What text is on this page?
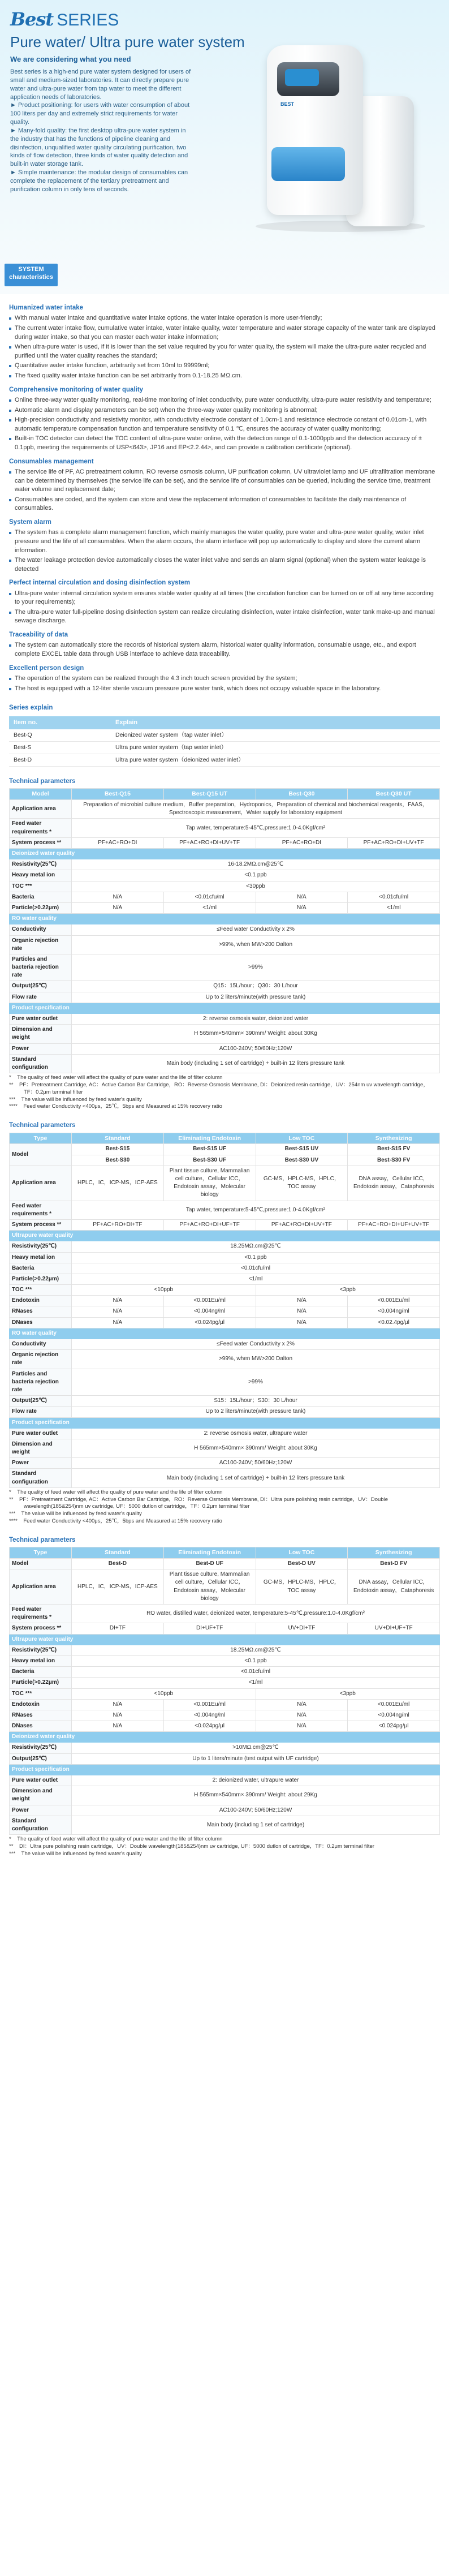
Best SERIES
Pure water/ Ultra pure water system
We are considering what you need

Best series is a high-end pure water system designed for users of small and medium-sized laboratories. It can directly prepare pure water and ultra-pure water from tap water to meet the different application needs of laboratories.

► Product positioning: for users with water consumption of about 100 liters per day and extremely strict requirements for water quality.

► Many-fold quality: the first desktop ultra-pure water system in the industry that has the functions of pipeline cleaning and disinfection, unqualified water quality circulating purification, two kinds of flow detection, three kinds of water quality detection and built-in water storage tank.

► Simple maintenance: the modular design of consumables can complete the replacement of the tertiary pretreatment and purification column in only tens of seconds.

BEST
SYSTEM characteristics
Humanized water intake
With manual water intake and quantitative water intake options, the water intake operation is more user-friendly;
The current water intake flow, cumulative water intake, water intake quality, water temperature and water storage capacity of the water tank are displayed during water intake, so that you can master each water intake information;
When ultra-pure water is used, if it is lower than the set value required by you for water quality, the system will make the ultra-pure water recycled and purified until the water quality reaches the standard;
Quantitative water intake function, arbitrarily set from 10ml to 99999ml;
The fixed quality water intake function can be set arbitrarily from 0.1-18.25 MΩ.cm.
Comprehensive monitoring of water quality
Online three-way water quality monitoring, real-time monitoring of inlet conductivity, pure water conductivity, ultra-pure water resistivity and temperature;
Automatic alarm and display parameters can be set) when the three-way water quality monitoring is abnormal;
High-precision conductivity and resistivity monitor, with conductivity electrode constant of 1.0cm-1 and resistance electrode constant of 0.01cm-1, with automatic temperature compensation function and temperature sensitivity of 0.1 ℃, ensures the accuracy of water quality monitoring;
Built-in TOC detector can detect the TOC content of ultra-pure water online, with the detection range of 0.1-1000ppb and the detection accuracy of ± 0.1ppb, meeting the requirements of USP<643>, JP16 and EP<2.2.44>, and can provide a calibration certificate (optional).
Consumables management
The service life of PF, AC pretreatment column, RO reverse osmosis column, UP purification column, UV ultraviolet lamp and UF ultrafiltration membrane can be determined by themselves (the service life can be set), and the service life of consumables can be queried, including the service time, treatment water volume and replacement date;
Consumables are coded, and the system can store and view the replacement information of consumables to facilitate the daily maintenance of consumables.
System alarm
The system has a complete alarm management function, which mainly manages the water quality, pure water and ultra-pure water quality, water inlet pressure and the life of all consumables. When the alarm occurs, the alarm interface will pop up automatically to display and store the current alarm information.
The water leakage protection device automatically closes the water inlet valve and sends an alarm signal (optional) when the system water leakage is detected
Perfect internal circulation and dosing disinfection system
Ultra-pure water internal circulation system ensures stable water quality at all times (the circulation function can be turned on or off at any time according to your requirements);
The ultra-pure water full-pipeline dosing disinfection system can realize circulating disinfection, water intake disinfection, water tank make-up and manual sewage discharge.
Traceability of data
The system can automatically store the records of historical system alarm, historical water quality information, consumable usage, etc., and export complete EXCEL table data through USB interface to achieve data traceability.
Excellent person design
The operation of the system can be realized through the 4.3 inch touch screen provided by the system;
The host is equipped with a 12-liter sterile vacuum pressure pure water tank, which does not occupy valuable space in the laboratory.
Series explain
Item no.	Explain
Best-Q	Deionized water system（tap water inlet）
Best-S	Ultra pure water system（tap water inlet）
Best-D	Ultra pure water system（deionized water inlet）
Technical parameters
Model	Best-Q15	Best-Q15 UT	Best-Q30	Best-Q30 UT
Application area	Preparation of microbial culture medium，Buffer preparation，Hydroponics，Preparation of chemical and biochemical reagents，FAAS，Spectroscopic measurement，Water supply for laboratory equipment			
Feed water requirements *	Tap water, temperature:5-45℃,pressure:1.0-4.0Kgf/cm²			
System process **	PF+AC+RO+DI	PF+AC+RO+DI+UV+TF	PF+AC+RO+DI	PF+AC+RO+DI+UV+TF
Deionized water quality				
Resistivity(25℃)	16-18.2MΩ.cm@25℃			
Heavy metal ion	<0.1 ppb			
TOC ***	<30ppb			
Bacteria	N/A	<0.01cfu/ml	N/A	<0.01cfu/ml
Particle(>0.22μm)	N/A	<1/ml	N/A	<1/ml
RO water quality				
Conductivity	≤Feed water Conductivity x 2%			
Organic rejection rate	>99%, when MW>200 Dalton			
Particles and bacteria rejection rate	>99%			
Output(25℃)	Q15：15L/hour；Q30：30 L/hour			
Flow rate	Up to 2 liters/minute(with pressure tank)			
Product specification				
Pure water outlet	2: reverse osmosis water, deionized water			
Dimension and weight	H 565mm×540mm× 390mm/ Weight: about 30Kg			
Power	AC100-240V; 50/60Hz;120W			
Standard configuration	Main body (including 1 set of cartridge) + built-in 12 liters pressure tank			
* The quality of feed water will affect the quality of pure water and the life of filter column
** PF：Pretreatment Cartridge, AC：Active Carbon Bar Cartridge，RO：Reverse Osmosis Membrane, DI：Deionized resin cartridge，UV：254nm uv wavelength cartridge，TF：0.2μm terminal filter
*** The value will be influenced by feed water's quality
**** Feed water Conductivity <400μs，25℃，5bps and Measured at 15% recovery ratio
Technical parameters
Type	Standard	Eliminating Endotoxin	Low TOC	Synthesizing
Model	Best-S15	Best-S15 UF	Best-S15 UV	Best-S15 FV
	Best-S30	Best-S30 UF	Best-S30 UV	Best-S30 FV
Application area	HPLC，IC，ICP-MS，ICP-AES	Plant tissue culture, Mammalian cell culture，Cellular ICC，Endotoxin assay，Molecular biology	GC-MS，HPLC-MS，HPLC，TOC assay	DNA assay，Cellular ICC，Endotoxin assay，Cataphoresis
Feed water requirements *	Tap water, temperature:5-45℃,pressure:1.0-4.0Kgf/cm²			
System process **	PF+AC+RO+DI+TF	PF+AC+RO+DI+UF+TF	PF+AC+RO+DI+UV+TF	PF+AC+RO+DI+UF+UV+TF
Ultrapure water quality				
Resistivity(25℃)	18.25MΩ.cm@25℃			
Heavy metal ion	<0.1 ppb			
Bacteria	<0.01cfu/ml			
Particle(>0.22μm)	<1/ml			
TOC ***	<10ppb		<3ppb	
Endotoxin	N/A	<0.001Eu/ml	N/A	<0.001Eu/ml
RNases	N/A	<0.004ng/ml	N/A	<0.004ng/ml
DNases	N/A	<0.024pg/μl	N/A	<0.02.4pg/μl
RO water quality				
Conductivity	≤Feed water Conductivity x 2%			
Organic rejection rate	>99%, when MW>200 Dalton			
Particles and bacteria rejection rate	>99%			
Output(25℃)	S15：15L/hour；S30：30 L/hour			
Flow rate	Up to 2 liters/minute(with pressure tank)			
Product specification				
Pure water outlet	2: reverse osmosis water, ultrapure water			
Dimension and weight	H 565mm×540mm× 390mm/ Weight: about 30Kg			
Power	AC100-240V; 50/60Hz;120W			
Standard configuration	Main body (including 1 set of cartridge) + built-in 12 liters pressure tank			
* The quality of feed water will affect the quality of pure water and the life of filter column
** PF：Pretreatment Cartridge, AC：Active Carbon Bar Cartridge，RO：Reverse Osmosis Membrane, DI：Ultra pure polishing resin cartridge，UV：Double wavelength(185&254)nm uv cartridge, UF：5000 dutlon of cartridge，TF：0.2μm terminal filter
*** The value will be influenced by feed water's quality
**** Feed water Conductivity <400μs，25℃，5bps and Measured at 15% recovery ratio
Technical parameters
Type	Standard	Eliminating Endotoxin	Low TOC	Synthesizing
Model	Best-D	Best-D UF	Best-D UV	Best-D FV
Application area	HPLC，IC，ICP-MS，ICP-AES	Plant tissue culture, Mammalian cell culture，Cellular ICC，Endotoxin assay，Molecular biology	GC-MS，HPLC-MS，HPLC，TOC assay	DNA assay，Cellular ICC，Endotoxin assay，Cataphoresis
Feed water requirements *	RO water, distilled water, deionized water, temperature:5-45℃,pressure:1.0-4.0Kgf/cm²			
System process **	DI+TF	DI+UF+TF	UV+DI+TF	UV+DI+UF+TF
Ultrapure water quality				
Resistivity(25℃)	18.25MΩ.cm@25℃			
Heavy metal ion	<0.1 ppb			
Bacteria	<0.01cfu/ml			
Particle(>0.22μm)	<1/ml			
TOC ***	<10ppb		<3ppb	
Endotoxin	N/A	<0.001Eu/ml	N/A	<0.001Eu/ml
RNases	N/A	<0.004ng/ml	N/A	<0.004ng/ml
DNases	N/A	<0.024pg/μl	N/A	<0.024pg/μl
Deionized water quality				
Resistivity(25℃)	>10MΩ.cm@25℃			
Output(25℃)	Up to 1 liters/minute (test output with UF cartridge)			
Product specification				
Pure water outlet	2: deionized water, ultrapure water			
Dimension and weight	H 565mm×540mm× 390mm/ Weight: about 29Kg			
Power	AC100-240V; 50/60Hz;120W			
Standard configuration	Main body (including 1 set of cartridge)			
* The quality of feed water will affect the quality of pure water and the life of filter column
** DI：Ultra pure polishing resin cartridge，UV：Double wavelength(185&254)nm uv cartridge, UF：5000 dutlon of cartridge，TF：0.2μm terminal filter
*** The value will be influenced by feed water's quality
